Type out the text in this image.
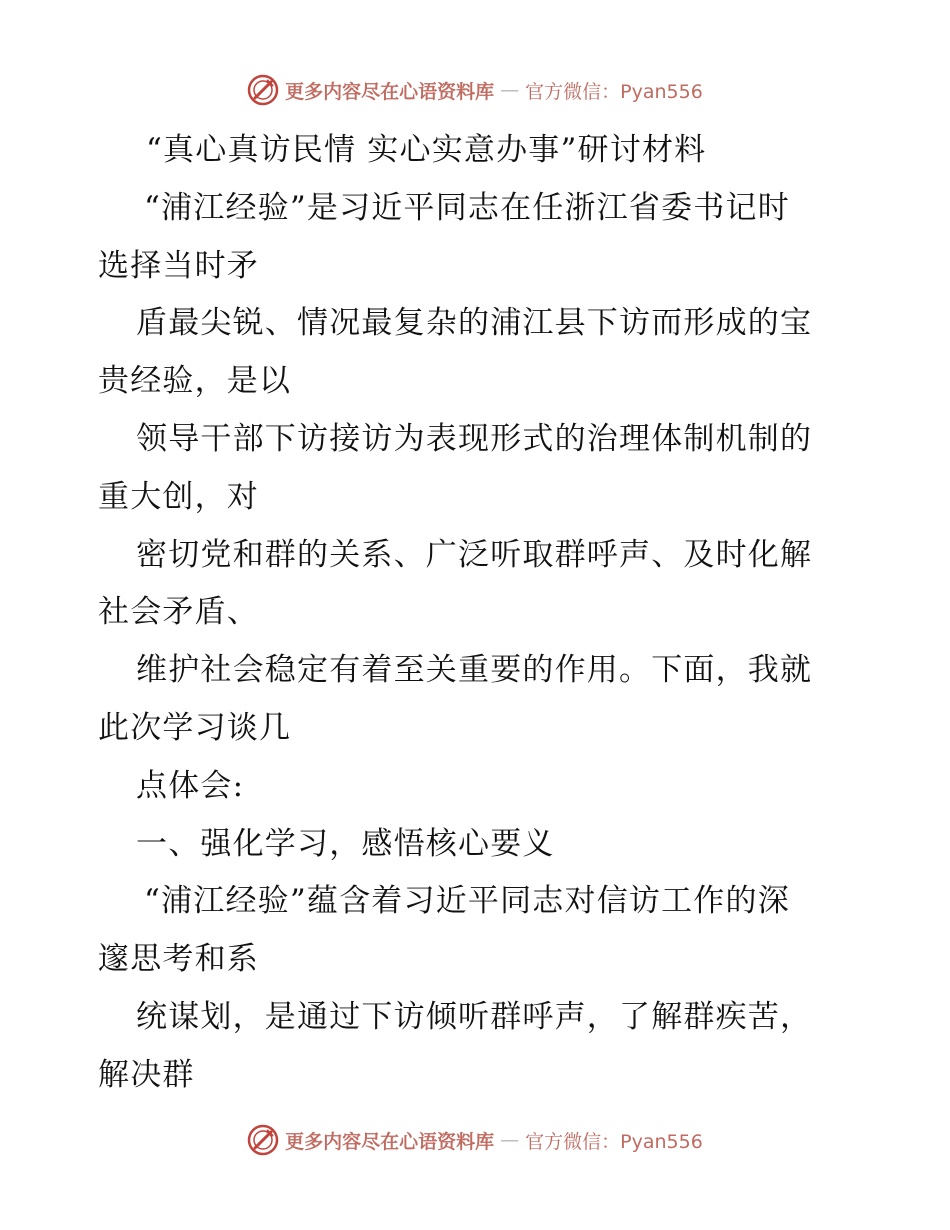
更多内容尽在心语资料库 — 官方微信：Pyan556
“真心真访民情 实心实意办事”研讨材料
“浦江经验”是习近平同志在任浙江省委书记时
选择当时矛
盾最尖锐、情况最复杂的浦江县下访而形成的宝
贵经验，是以
领导干部下访接访为表现形式的治理体制机制的
重大创，对
密切党和群的关系、广泛听取群呼声、及时化解
社会矛盾、
维护社会稳定有着至关重要的作用。下面，我就
此次学习谈几
点体会:
一、强化学习，感悟核心要义
“浦江经验”蕴含着习近平同志对信访工作的深
邃思考和系
统谋划，是通过下访倾听群呼声，了解群疾苦，
解决群
更多内容尽在心语资料库 — 官方微信：Pyan556
